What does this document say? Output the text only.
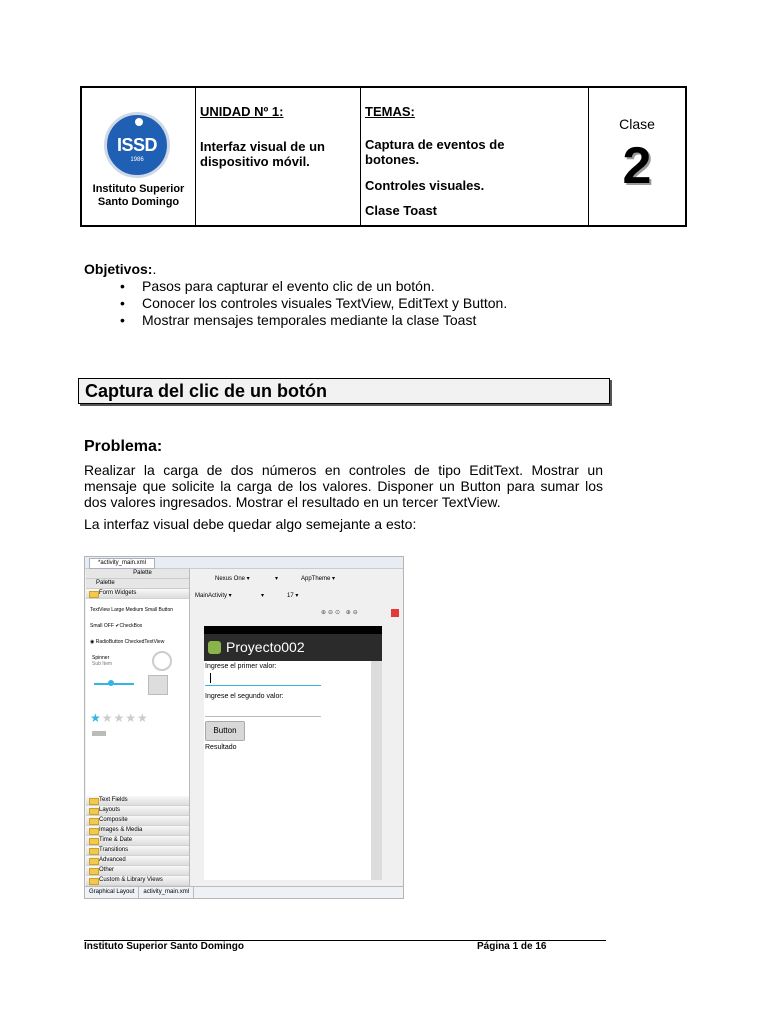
ISSD
1986
Instituto Superior
Santo Domingo
UNIDAD Nº 1:
Interfaz visual de un dispositivo móvil.
TEMAS:
Captura de eventos de botones.
Controles visuales.
Clase Toast
Clase
2
Objetivos:.
• Pasos para capturar el evento clic de un botón.
• Conocer los controles visuales TextView, EditText y Button.
• Mostrar mensajes temporales mediante la clase Toast
Captura del clic de un botón
Problema:

Realizar la carga de dos números en controles de tipo EditText. Mostrar un mensaje que solicite la carga de los valores. Disponer un Button para sumar los dos valores ingresados. Mostrar el resultado en un tercer TextView.

La interfaz visual debe quedar algo semejante a esto:
*activity_main.xml
Palette
Palette
Form Widgets
TextView Large Medium Small Button
Small OFF ✔CheckBox
◉ RadioButton CheckedTextView
Spinner
Sub Item
★★★★★
Text Fields
Layouts
Composite
Images & Media
Time & Date
Transitions
Advanced
Other
Custom & Library Views
Nexus One ▾	▾	AppTheme ▾
MainActivity ▾	▾	17 ▾
⊕⊖⊙ ⊕⊖
Proyecto002
Ingrese el primer valor:
Ingrese el segundo valor:
Button
Resultado
Graphical Layout activity_main.xml
Instituto Superior Santo Domingo	Página 1 de 16
